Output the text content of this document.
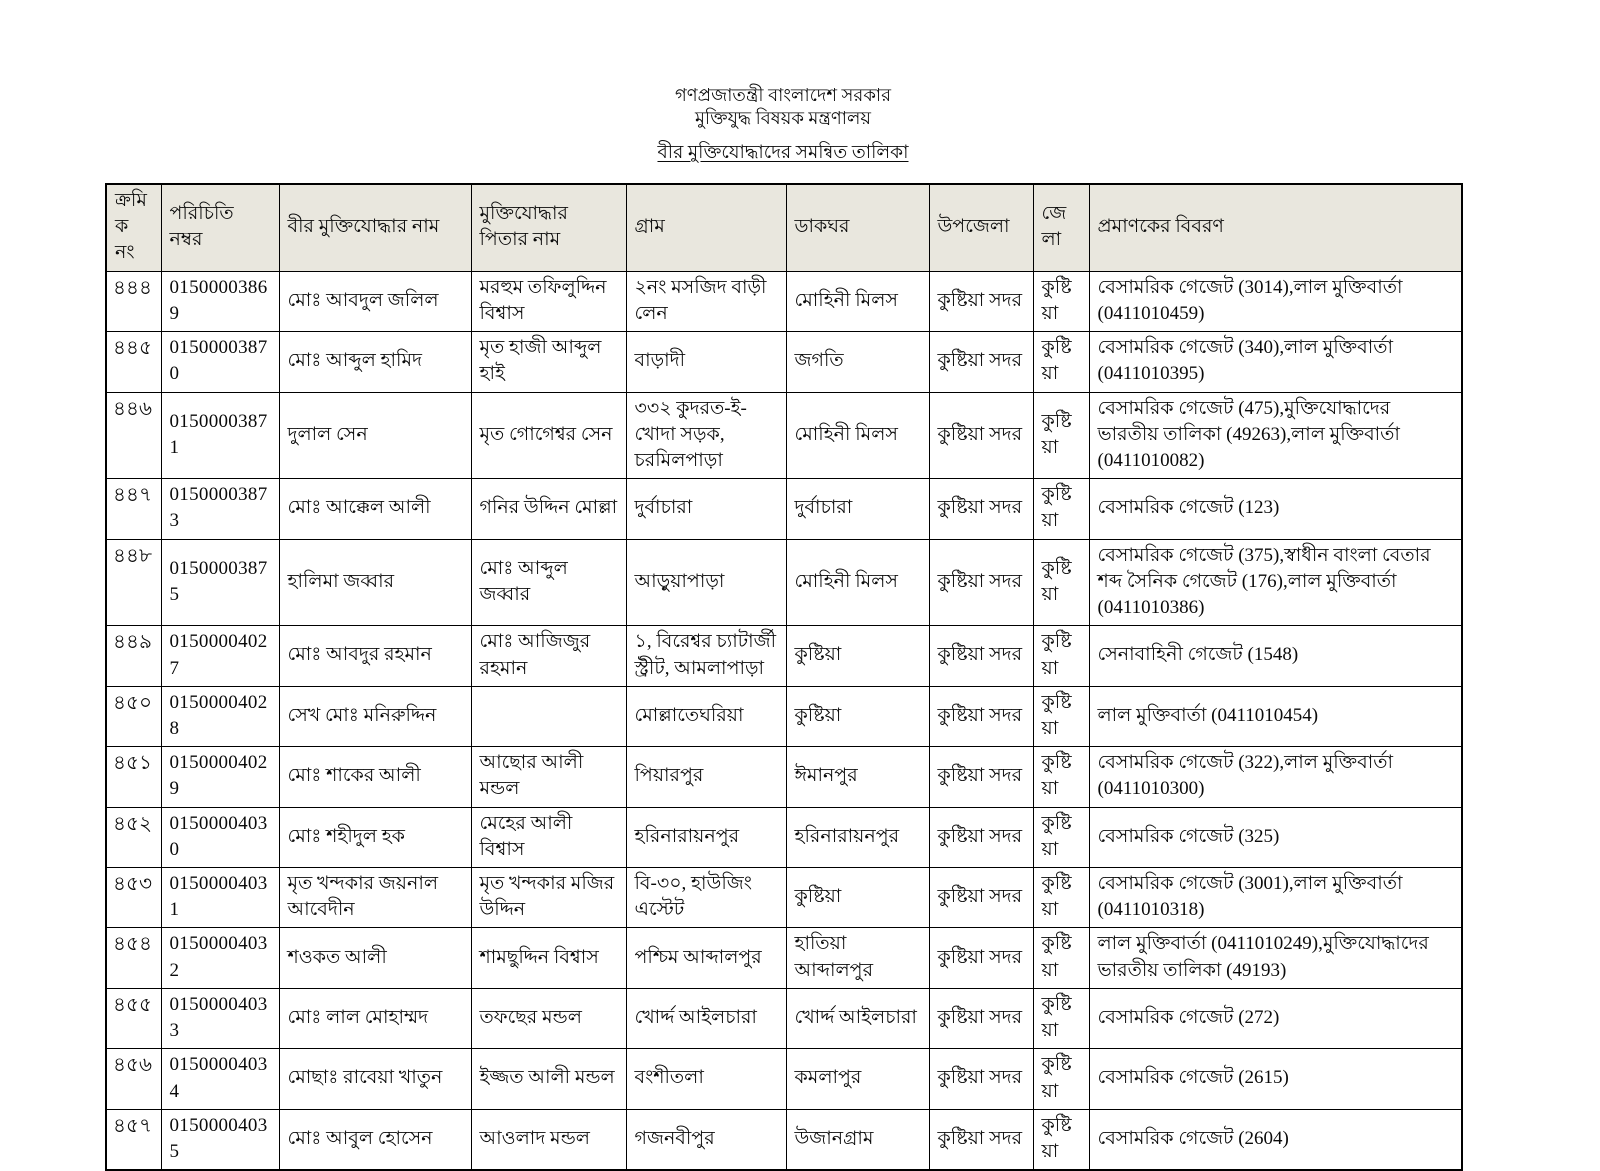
গণপ্রজাতন্ত্রী বাংলাদেশ সরকার
মুক্তিযুদ্ধ বিষয়ক মন্ত্রণালয়
বীর মুক্তিযোদ্ধাদের সমন্বিত তালিকা
ক্রমিক নং	পরিচিতি নম্বর	বীর মুক্তিযোদ্ধার নাম	মুক্তিযোদ্ধার পিতার নাম	গ্রাম	ডাকঘর	উপজেলা	জেলা	প্রমাণকের বিবরণ
৪৪৪	01500003869	মোঃ আবদুল জলিল	মরহুম তফিলুদ্দিন বিশ্বাস	২নং মসজিদ বাড়ী লেন	মোহিনী মিলস	কুষ্টিয়া সদর	কুষ্টিয়া	বেসামরিক গেজেট (3014),লাল মুক্তিবার্তা (0411010459)
৪৪৫	01500003870	মোঃ আব্দুল হামিদ	মৃত হাজী আব্দুল হাই	বাড়াদী	জগতি	কুষ্টিয়া সদর	কুষ্টিয়া	বেসামরিক গেজেট (340),লাল মুক্তিবার্তা (0411010395)
৪৪৬	01500003871	দুলাল সেন	মৃত গোগেশ্বর সেন	৩৩২ কুদরত-ই-খোদা সড়ক, চরমিলপাড়া	মোহিনী মিলস	কুষ্টিয়া সদর	কুষ্টিয়া	বেসামরিক গেজেট (475),মুক্তিযোদ্ধাদের ভারতীয় তালিকা (49263),লাল মুক্তিবার্তা (0411010082)
৪৪৭	01500003873	মোঃ আক্কেল আলী	গনির উদ্দিন মোল্লা	দুর্বাচারা	দুর্বাচারা	কুষ্টিয়া সদর	কুষ্টিয়া	বেসামরিক গেজেট (123)
৪৪৮	01500003875	হালিমা জব্বার	মোঃ আব্দুল জব্বার	আড়ুয়াপাড়া	মোহিনী মিলস	কুষ্টিয়া সদর	কুষ্টিয়া	বেসামরিক গেজেট (375),স্বাধীন বাংলা বেতার শব্দ সৈনিক গেজেট (176),লাল মুক্তিবার্তা (0411010386)
৪৪৯	01500004027	মোঃ আবদুর রহমান	মোঃ আজিজুর রহমান	১, বিরেশ্বর চ্যাটার্জী স্ট্রীট, আমলাপাড়া	কুষ্টিয়া	কুষ্টিয়া সদর	কুষ্টিয়া	সেনাবাহিনী গেজেট (1548)
৪৫০	01500004028	সেখ মোঃ মনিরুদ্দিন		মোল্লাতেঘরিয়া	কুষ্টিয়া	কুষ্টিয়া সদর	কুষ্টিয়া	লাল মুক্তিবার্তা (0411010454)
৪৫১	01500004029	মোঃ শাকের আলী	আছোর আলী মন্ডল	পিয়ারপুর	ঈমানপুর	কুষ্টিয়া সদর	কুষ্টিয়া	বেসামরিক গেজেট (322),লাল মুক্তিবার্তা (0411010300)
৪৫২	01500004030	মোঃ শহীদুল হক	মেহের আলী বিশ্বাস	হরিনারায়নপুর	হরিনারায়নপুর	কুষ্টিয়া সদর	কুষ্টিয়া	বেসামরিক গেজেট (325)
৪৫৩	01500004031	মৃত খন্দকার জয়নাল আবেদীন	মৃত খন্দকার মজির উদ্দিন	বি-৩০, হাউজিং এস্টেট	কুষ্টিয়া	কুষ্টিয়া সদর	কুষ্টিয়া	বেসামরিক গেজেট (3001),লাল মুক্তিবার্তা (0411010318)
৪৫৪	01500004032	শওকত আলী	শামছুদ্দিন বিশ্বাস	পশ্চিম আব্দালপুর	হাতিয়া আব্দালপুর	কুষ্টিয়া সদর	কুষ্টিয়া	লাল মুক্তিবার্তা (0411010249),মুক্তিযোদ্ধাদের ভারতীয় তালিকা (49193)
৪৫৫	01500004033	মোঃ লাল মোহাম্মদ	তফছের মন্ডল	খোর্দ্দ আইলচারা	খোর্দ্দ আইলচারা	কুষ্টিয়া সদর	কুষ্টিয়া	বেসামরিক গেজেট (272)
৪৫৬	01500004034	মোছাঃ রাবেয়া খাতুন	ইজ্জত আলী মন্ডল	বংশীতলা	কমলাপুর	কুষ্টিয়া সদর	কুষ্টিয়া	বেসামরিক গেজেট (2615)
৪৫৭	01500004035	মোঃ আবুল হোসেন	আওলাদ মন্ডল	গজনবীপুর	উজানগ্রাম	কুষ্টিয়া সদর	কুষ্টিয়া	বেসামরিক গেজেট (2604)
